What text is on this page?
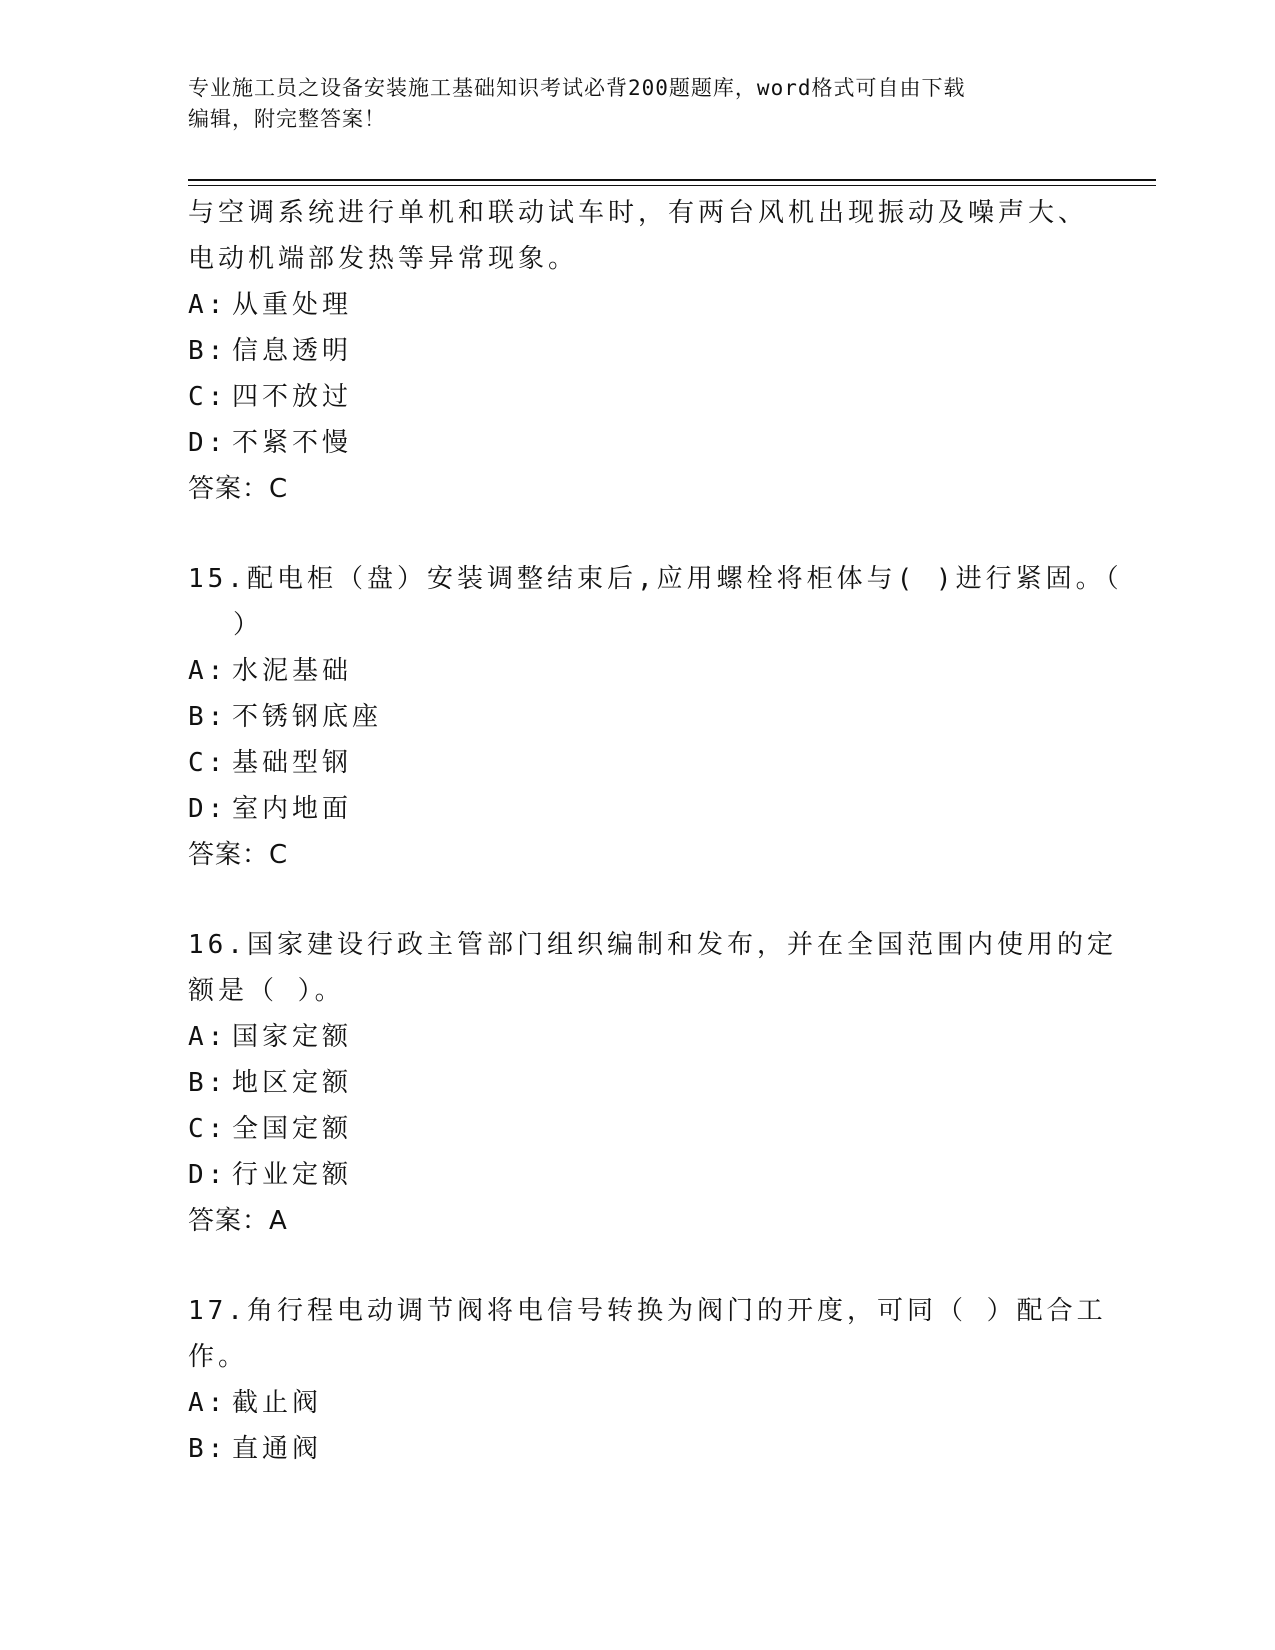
专业施工员之设备安装施工基础知识考试必背200题题库，word格式可自由下载
编辑，附完整答案！
与空调系统进行单机和联动试车时，有两台风机出现振动及噪声大、
电动机端部发热等异常现象。
A: 从重处理
B: 信息透明
C: 四不放过
D: 不紧不慢
答案：C
15.配电柜（盘）安装调整结束后,应用螺栓将柜体与( )进行紧固。（
）
A: 水泥基础
B: 不锈钢底座
C: 基础型钢
D: 室内地面
答案：C
16.国家建设行政主管部门组织编制和发布，并在全国范围内使用的定
额是（ ）。
A: 国家定额
B: 地区定额
C: 全国定额
D: 行业定额
答案：A
17.角行程电动调节阀将电信号转换为阀门的开度，可同（ ）配合工
作。
A: 截止阀
B: 直通阀
